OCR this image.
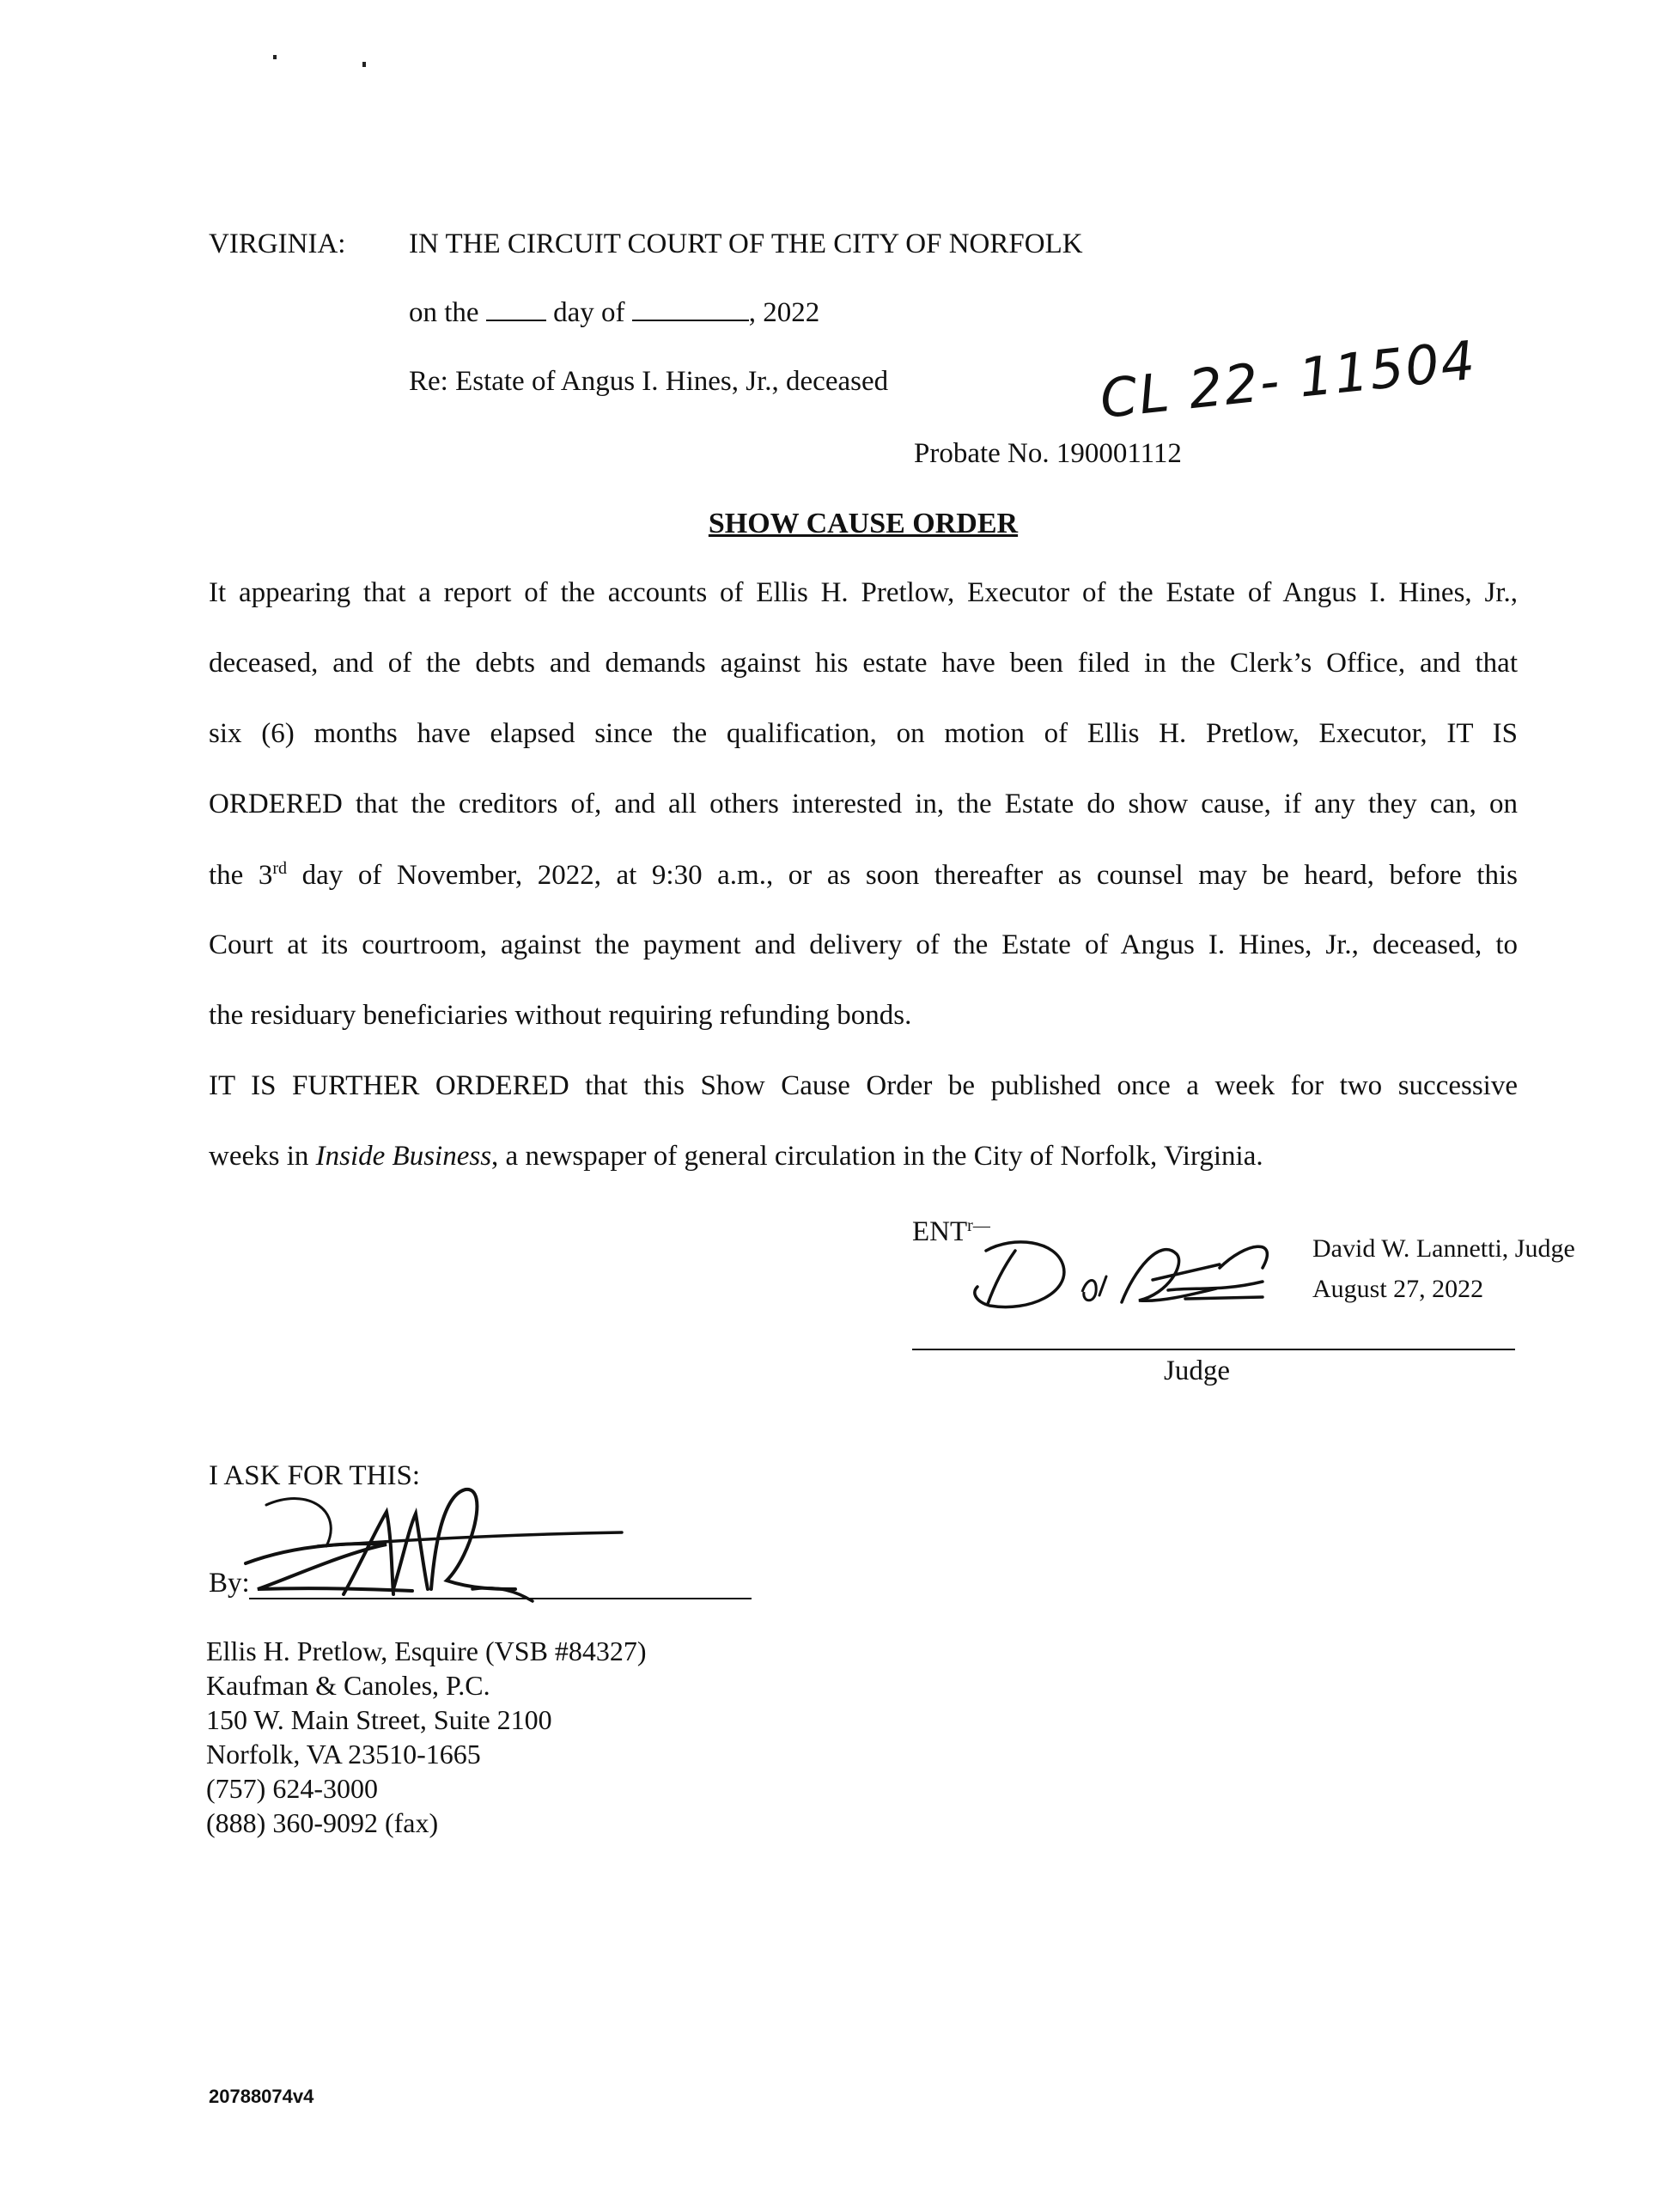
VIRGINIA: IN THE CIRCUIT COURT OF THE CITY OF NORFOLK
on the	day of	, 2022
Re: Estate of Angus I. Hines, Jr., deceased	CL 22- 11504
Probate No. 190001112
SHOW CAUSE ORDER
It appearing that a report of the accounts of Ellis H. Pretlow, Executor of the Estate of Angus I. Hines, Jr.,
deceased, and of the debts and demands against his estate have been filed in the Clerk’s Office, and that
six (6) months have elapsed since the qualification, on motion of Ellis H. Pretlow, Executor, IT IS
ORDERED that the creditors of, and all others interested in, the Estate do show cause, if any they can, on
the 3rd day of November, 2022, at 9:30 a.m., or as soon thereafter as counsel may be heard, before this
Court at its courtroom, against the payment and delivery of the Estate of Angus I. Hines, Jr., deceased, to
the residuary beneficiaries without requiring refunding bonds.
IT IS FURTHER ORDERED that this Show Cause Order be published once a week for two successive
weeks in Inside Business, a newspaper of general circulation in the City of Norfolk, Virginia.
$ENT^{r—}$
David W. Lannetti, Judge
August 27, 2022
Judge
I ASK FOR THIS:
By:
Ellis H. Pretlow, Esquire (VSB #84327)
Kaufman & Canoles, P.C.
150 W. Main Street, Suite 2100
Norfolk, VA 23510-1665
(757) 624-3000
(888) 360-9092 (fax)
20788074v4
